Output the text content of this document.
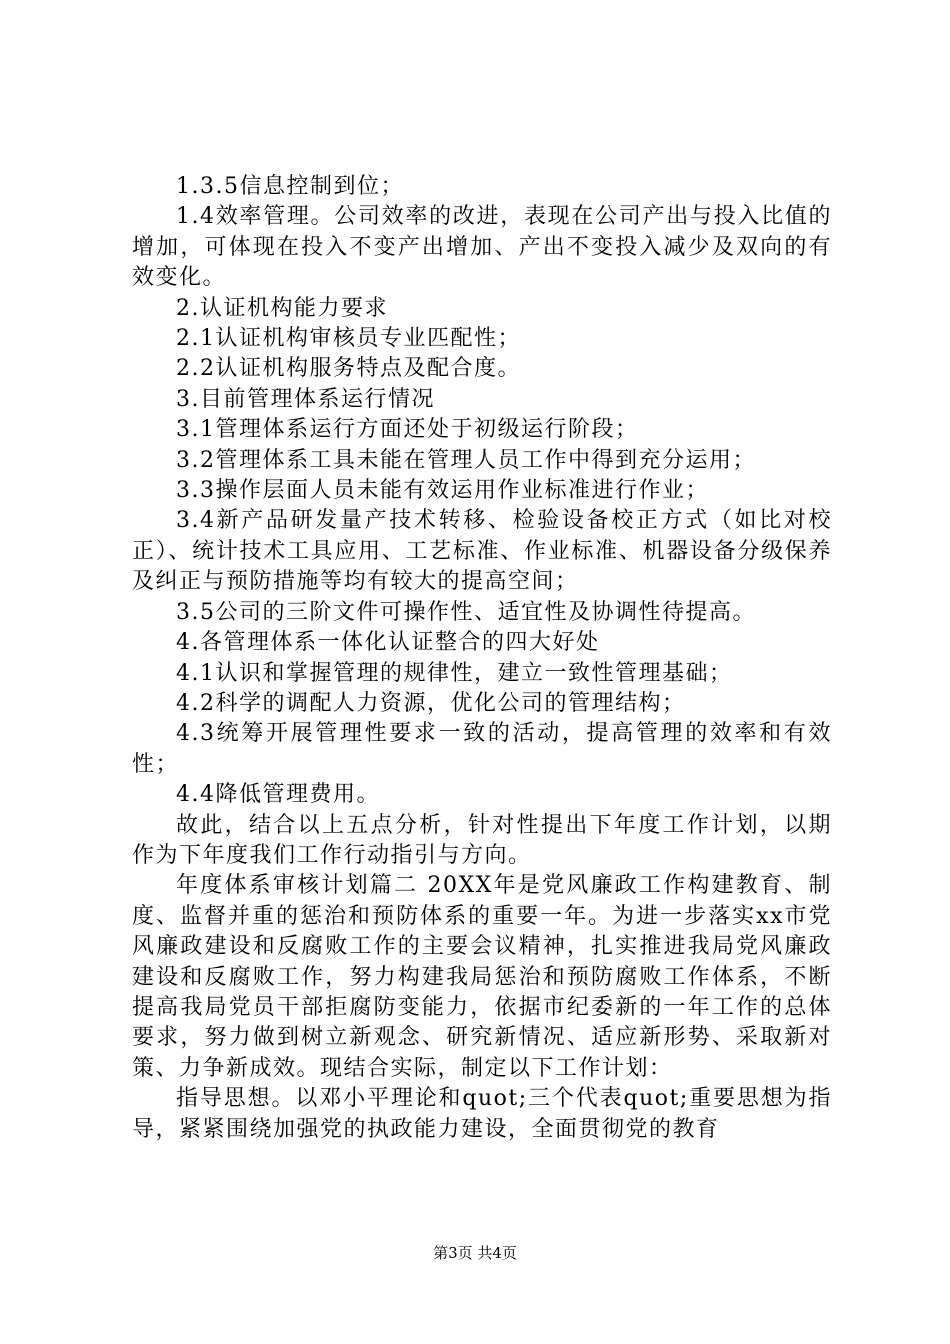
1.3.5信息控制到位；

1.4效率管理。公司效率的改进，表现在公司产出与投入比值的增加，可体现在投入不变产出增加、产出不变投入减少及双向的有效变化。

2.认证机构能力要求

2.1认证机构审核员专业匹配性；

2.2认证机构服务特点及配合度。

3.目前管理体系运行情况

3.1管理体系运行方面还处于初级运行阶段；

3.2管理体系工具未能在管理人员工作中得到充分运用；

3.3操作层面人员未能有效运用作业标准进行作业；

3.4新产品研发量产技术转移、检验设备校正方式（如比对校正）、统计技术工具应用、工艺标准、作业标准、机器设备分级保养及纠正与预防措施等均有较大的提高空间；

3.5公司的三阶文件可操作性、适宜性及协调性待提高。

4.各管理体系一体化认证整合的四大好处

4.1认识和掌握管理的规律性，建立一致性管理基础；

4.2科学的调配人力资源，优化公司的管理结构；

4.3统筹开展管理性要求一致的活动，提高管理的效率和有效性；

4.4降低管理费用。

故此，结合以上五点分析，针对性提出下年度工作计划，以期作为下年度我们工作行动指引与方向。

年度体系审核计划篇二 20XX年是党风廉政工作构建教育、制度、监督并重的惩治和预防体系的重要一年。为进一步落实xx市党风廉政建设和反腐败工作的主要会议精神，扎实推进我局党风廉政建设和反腐败工作，努力构建我局惩治和预防腐败工作体系，不断提高我局党员干部拒腐防变能力，依据市纪委新的一年工作的总体要求，努力做到树立新观念、研究新情况、适应新形势、采取新对策、力争新成效。现结合实际，制定以下工作计划：

指导思想。以邓小平理论和quot;三个代表quot;重要思想为指导，紧紧围绕加强党的执政能力建设，全面贯彻党的教育

第3页 共4页
